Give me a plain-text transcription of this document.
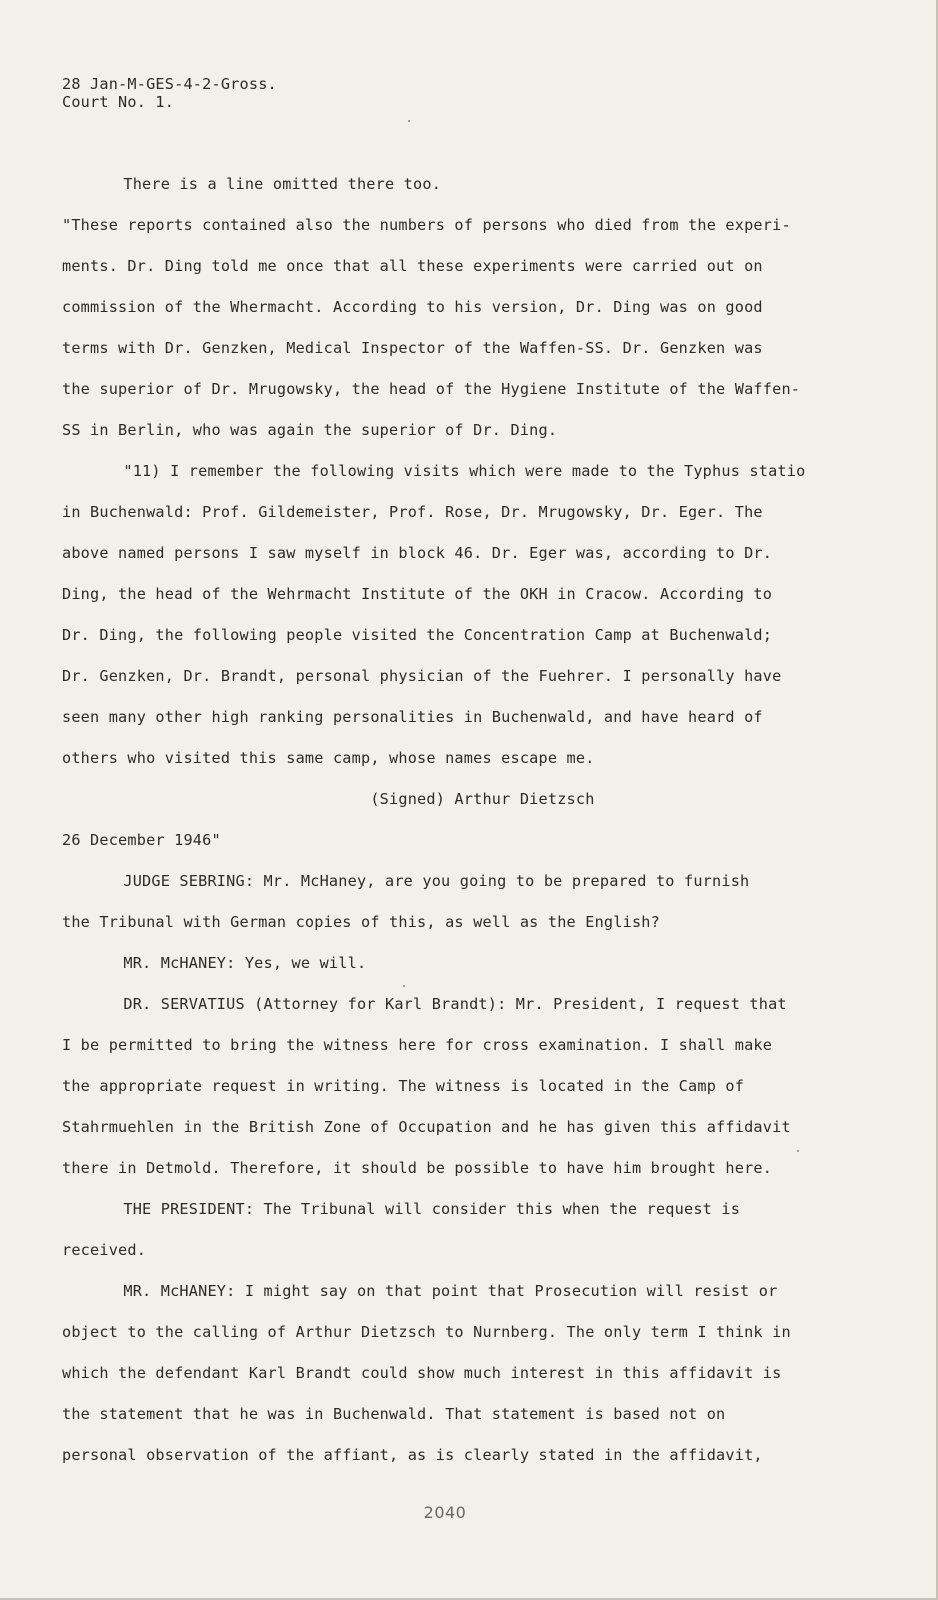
28 Jan-M-GES-4-2-Gross.
Court No. 1.
There is a line omitted there too.
"These reports contained also the numbers of persons who died from the experi-
ments. Dr. Ding told me once that all these experiments were carried out on
commission of the Whermacht. According to his version, Dr. Ding was on good
terms with Dr. Genzken, Medical Inspector of the Waffen-SS. Dr. Genzken was
the superior of Dr. Mrugowsky, the head of the Hygiene Institute of the Waffen-
SS in Berlin, who was again the superior of Dr. Ding.
"11) I remember the following visits which were made to the Typhus statio
in Buchenwald: Prof. Gildemeister, Prof. Rose, Dr. Mrugowsky, Dr. Eger. The
above named persons I saw myself in block 46. Dr. Eger was, according to Dr.
Ding, the head of the Wehrmacht Institute of the OKH in Cracow. According to
Dr. Ding, the following people visited the Concentration Camp at Buchenwald;
Dr. Genzken, Dr. Brandt, personal physician of the Fuehrer. I personally have
seen many other high ranking personalities in Buchenwald, and have heard of
others who visited this same camp, whose names escape me.
(Signed) Arthur Dietzsch
26 December 1946"
JUDGE SEBRING: Mr. McHaney, are you going to be prepared to furnish
the Tribunal with German copies of this, as well as the English?
MR. McHANEY: Yes, we will.
DR. SERVATIUS (Attorney for Karl Brandt): Mr. President, I request that
I be permitted to bring the witness here for cross examination. I shall make
the appropriate request in writing. The witness is located in the Camp of
Stahrmuehlen in the British Zone of Occupation and he has given this affidavit
there in Detmold. Therefore, it should be possible to have him brought here.
THE PRESIDENT: The Tribunal will consider this when the request is
received.
MR. McHANEY: I might say on that point that Prosecution will resist or
object to the calling of Arthur Dietzsch to Nurnberg. The only term I think in
which the defendant Karl Brandt could show much interest in this affidavit is
the statement that he was in Buchenwald. That statement is based not on
personal observation of the affiant, as is clearly stated in the affidavit,
2040
